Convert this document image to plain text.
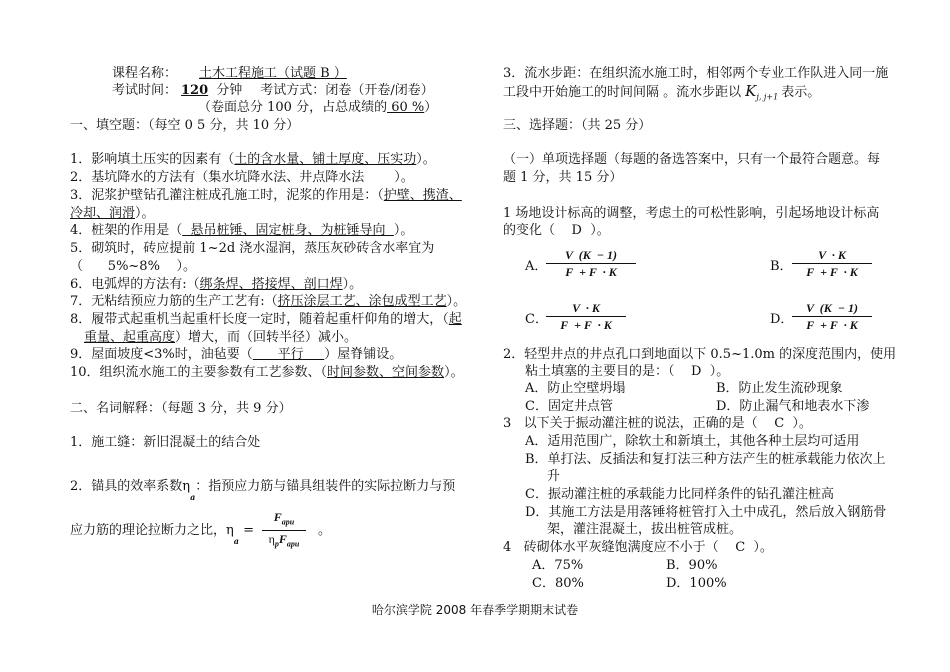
课程名称： 土木工程施工（试题 B ）
考试时间： 120 分钟 考试方式：闭卷（开卷/闭卷）
（卷面总分 100 分，占总成绩的 60 %）
一、填空题：（每空 0 5 分，共 10 分）
1．影响填土压实的因素有（土的含水量、铺土厚度、压实功）。
2．基坑降水的方法有（集水坑降水法、井点降水法 ）。
3．泥浆护壁钻孔灌注桩成孔施工时，泥浆的作用是：（护壁、携渣、
冷却、润滑）。
4．桩架的作用是（  悬吊桩锤、固定桩身、为桩锤导向  ）。
5．砌筑时，砖应提前 1~2d 浇水湿润，蒸压灰砂砖含水率宜为
（      5%~8%    ）。
6．电弧焊的方法有:（绑条焊、搭接焊、剖口焊）。
7．无粘结预应力筋的生产工艺有:（挤压涂层工艺、涂包成型工艺）。
8．履带式起重机当起重杆长度一定时，随着起重杆仰角的增大，（起
重量、起重高度）增大，而（回转半径）减小。
9．屋面坡度<3%时，油毡要（      平行     ）屋脊铺设。
10．组织流水施工的主要参数有工艺参数、（时间参数、空间参数）。
二、名词解释：（每题 3 分，共 9 分）
1．施工缝：新旧混凝土的结合处
2．锚具的效率系数$\eta_a$：指预应力筋与锚具组装件的实际拉断力与预
应力筋的理论拉断力之比，$\eta_a$ =
$F_{apu}$
$\eta_pF_{apu}$
。
3．流水步距：在组织流水施工时，相邻两个专业工作队进入同一施
工段中开始施工的时间间隔 。流水步距以 $K_{j, j+1}$ 表示。
三、选择题：（共 25 分）
（一）单项选择题（每题的备选答案中，只有一个最符合题意。每
题 1 分，共 15 分）
1 场地设计标高的调整，考虑土的可松性影响，引起场地设计标高
的变化（    D  ）。
A．
V  (K  − 1)
F  + F  · K	B．
V  · K
F  + F  · K
C．
V  · K
F  + F  · K	D．
V  (K  − 1)
F  + F  · K
2．轻型井点的井点孔口到地面以下 0.5~1.0m 的深度范围内，使用
粘土填塞的主要目的是：（    D  ）。
A．防止空壁坍塌	B．防止发生流砂现象
C．固定井点管	D．防止漏气和地表水下渗
3   以下关于振动灌注桩的说法，正确的是（    C  ）。
A．适用范围广，除软土和新填土，其他各种土层均可适用
B．单打法、反插法和复打法三种方法产生的桩承载能力依次上
升
C．振动灌注桩的承载能力比同样条件的钻孔灌注桩高
D．其施工方法是用落锤将桩管打入土中成孔，然后放入钢筋骨
架，灌注混凝土，拔出桩管成桩。
4   砖砌体水平灰缝饱满度应不小于（    C  ）。
A．75%	B．90%
C．80%	D．100%
哈尔滨学院 2008 年春季学期期末试卷
